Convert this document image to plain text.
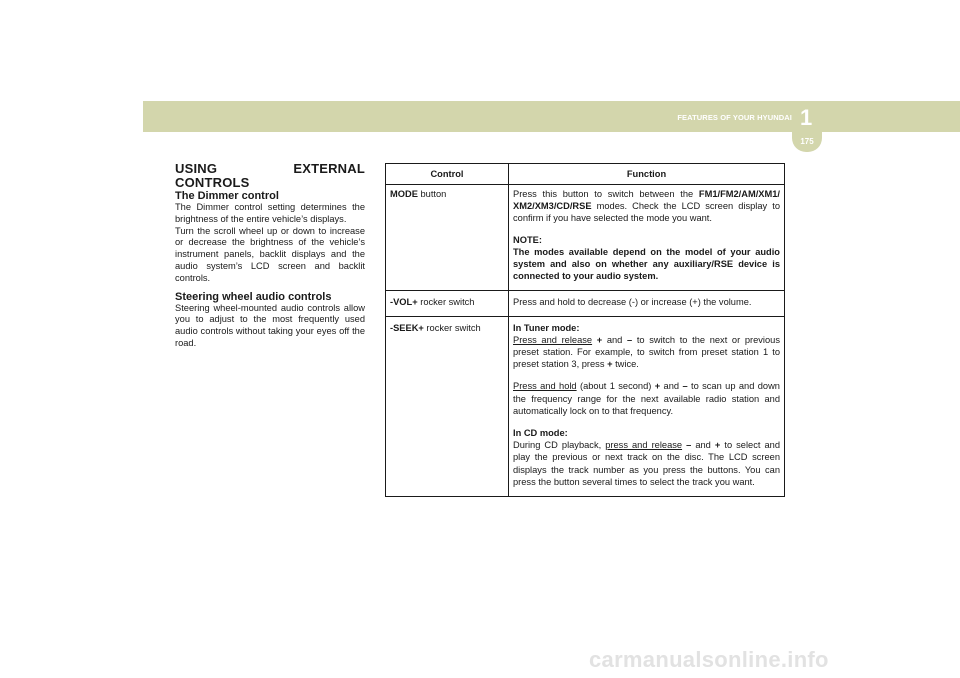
FEATURES OF YOUR HYUNDAI 1
175

USING EXTERNAL CONTROLS

The Dimmer control

The Dimmer control setting determines the brightness of the entire vehicle’s displays.

Turn the scroll wheel up or down to increase or decrease the brightness of the vehicle’s instrument panels, backlit displays and the audio system’s LCD screen and backlit controls.

Steering wheel audio controls

Steering wheel-mounted audio controls allow you to adjust to the most frequently used audio controls without taking your eyes off the road.

Control	Function
MODE button	Press this button to switch between the FM1/FM2/AM/XM1/ XM2/XM3/CD/RSE modes. Check the LCD screen display to confirm if you have selected the mode you want.
NOTE:
The modes available depend on the model of your audio system and also on whether any auxiliary/RSE device is connected to your audio system.

-VOL+ rocker switch	Press and hold to decrease (-) or increase (+) the volume.
-SEEK+ rocker switch	In Tuner mode:
Press and release + and – to switch to the next or previous preset station. For example, to switch from preset station 1 to preset station 3, press + twice.
Press and hold (about 1 second) + and – to scan up and down the frequency range for the next available radio station and automatically lock on to that frequency.
In CD mode:
During CD playback, press and release – and + to select and play the previous or next track on the disc. The LCD screen displays the track number as you press the buttons. You can press the button several times to select the track you want.
carmanualsonline.info
